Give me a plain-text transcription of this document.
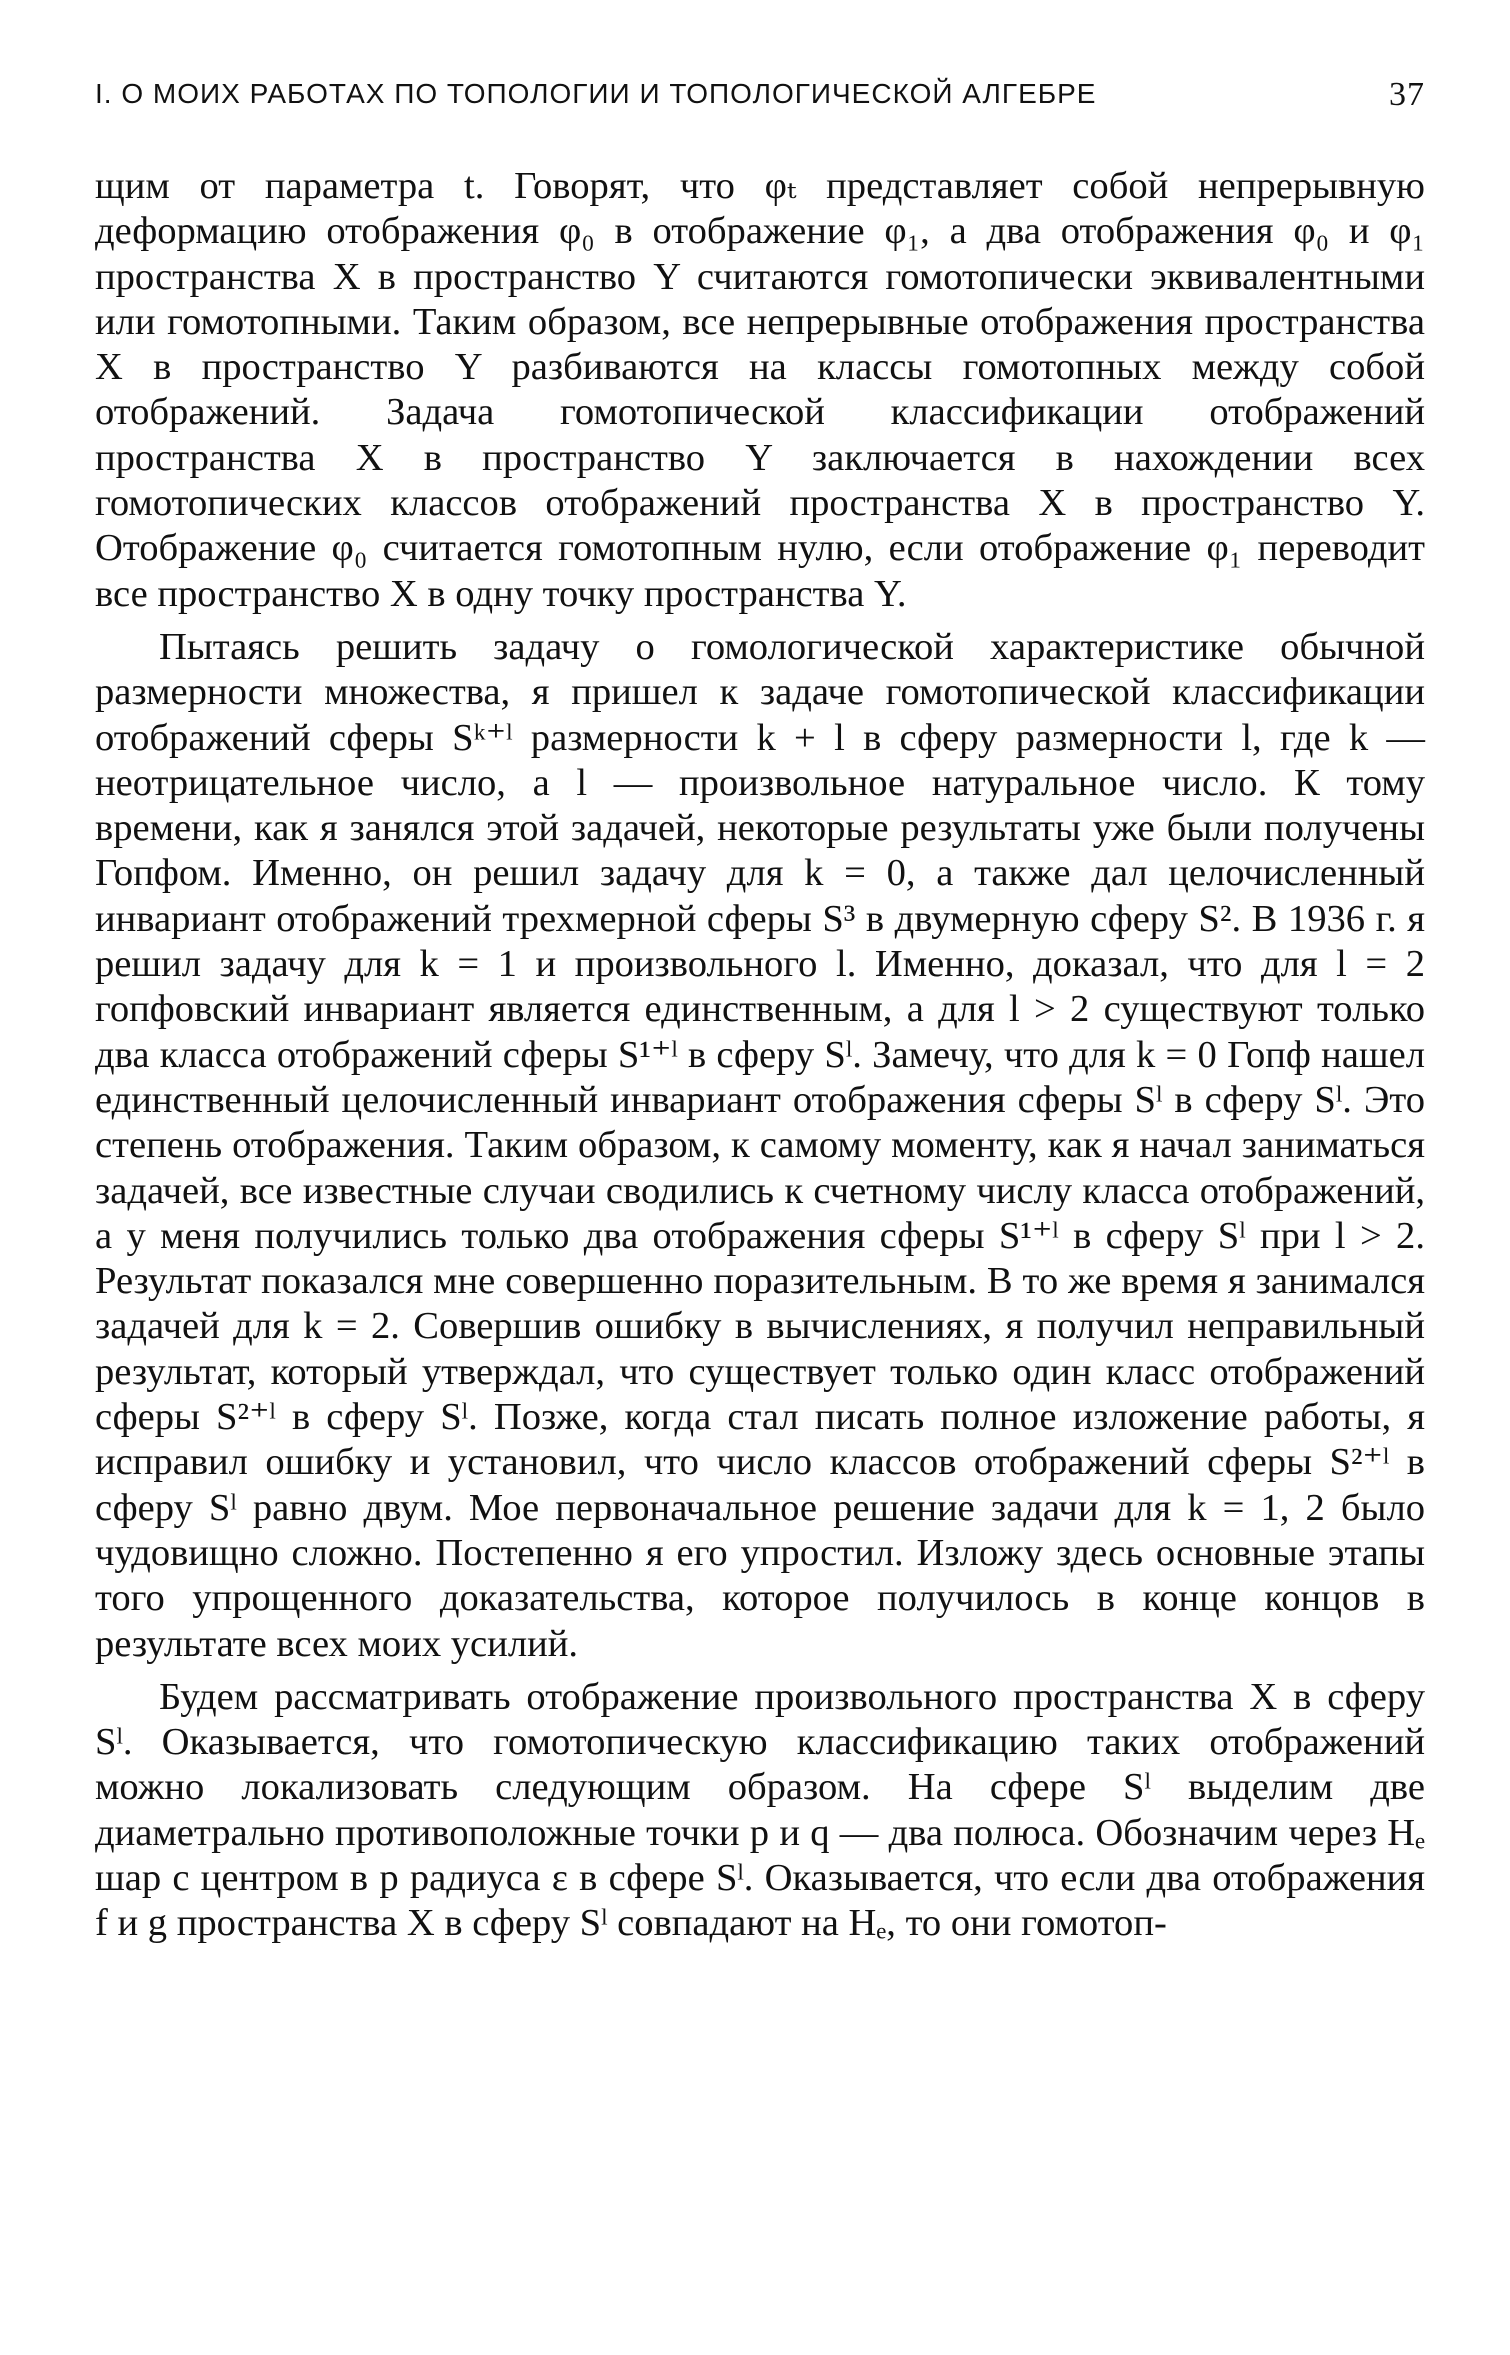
I. О МОИХ РАБОТАХ ПО ТОПОЛОГИИ И ТОПОЛОГИЧЕСКОЙ АЛГЕБРЕ	37

щим от параметра t. Говорят, что φₜ представляет собой непрерывную деформацию отображения φ₀ в отображение φ₁, а два отображения φ₀ и φ₁ пространства X в пространство Y считаются гомотопически эквивалентными или гомотопными. Таким образом, все непрерывные отображения пространства X в пространство Y разбиваются на классы гомотопных между собой отображений. Задача гомотопической классификации отображений пространства X в пространство Y заключается в нахождении всех гомотопических классов отображений пространства X в пространство Y. Отображение φ₀ считается гомотопным нулю, если отображение φ₁ переводит все пространство X в одну точку пространства Y.

Пытаясь решить задачу о гомологической характеристике обычной размерности множества, я пришел к задаче гомотопической классификации отображений сферы Sᵏ⁺ˡ размерности k + l в сферу размерности l, где k — неотрицательное число, а l — произвольное натуральное число. К тому времени, как я занялся этой задачей, некоторые результаты уже были получены Гопфом. Именно, он решил задачу для k = 0, а также дал целочисленный инвариант отображений трехмерной сферы S³ в двумерную сферу S². В 1936 г. я решил задачу для k = 1 и произвольного l. Именно, доказал, что для l = 2 гопфовский инвариант является единственным, а для l > 2 существуют только два класса отображений сферы S¹⁺ˡ в сферу Sˡ. Замечу, что для k = 0 Гопф нашел единственный целочисленный инвариант отображения сферы Sˡ в сферу Sˡ. Это степень отображения. Таким образом, к самому моменту, как я начал заниматься задачей, все известные случаи сводились к счетному числу класса отображений, а у меня получились только два отображения сферы S¹⁺ˡ в сферу Sˡ при l > 2. Результат показался мне совершенно поразительным. В то же время я занимался задачей для k = 2. Совершив ошибку в вычислениях, я получил неправильный результат, который утверждал, что существует только один класс отображений сферы S²⁺ˡ в сферу Sˡ. Позже, когда стал писать полное изложение работы, я исправил ошибку и установил, что число классов отображений сферы S²⁺ˡ в сферу Sˡ равно двум. Мое первоначальное решение задачи для k = 1, 2 было чудовищно сложно. Постепенно я его упростил. Изложу здесь основные этапы того упрощенного доказательства, которое получилось в конце концов в результате всех моих усилий.

Будем рассматривать отображение произвольного пространства X в сферу Sˡ. Оказывается, что гомотопическую классификацию таких отображений можно локализовать следующим образом. На сфере Sˡ выделим две диаметрально противоположные точки p и q — два полюса. Обозначим через Hₑ шар с центром в p радиуса ε в сфере Sˡ. Оказывается, что если два отображения f и g пространства X в сферу Sˡ совпадают на Hₑ, то они гомотоп-
